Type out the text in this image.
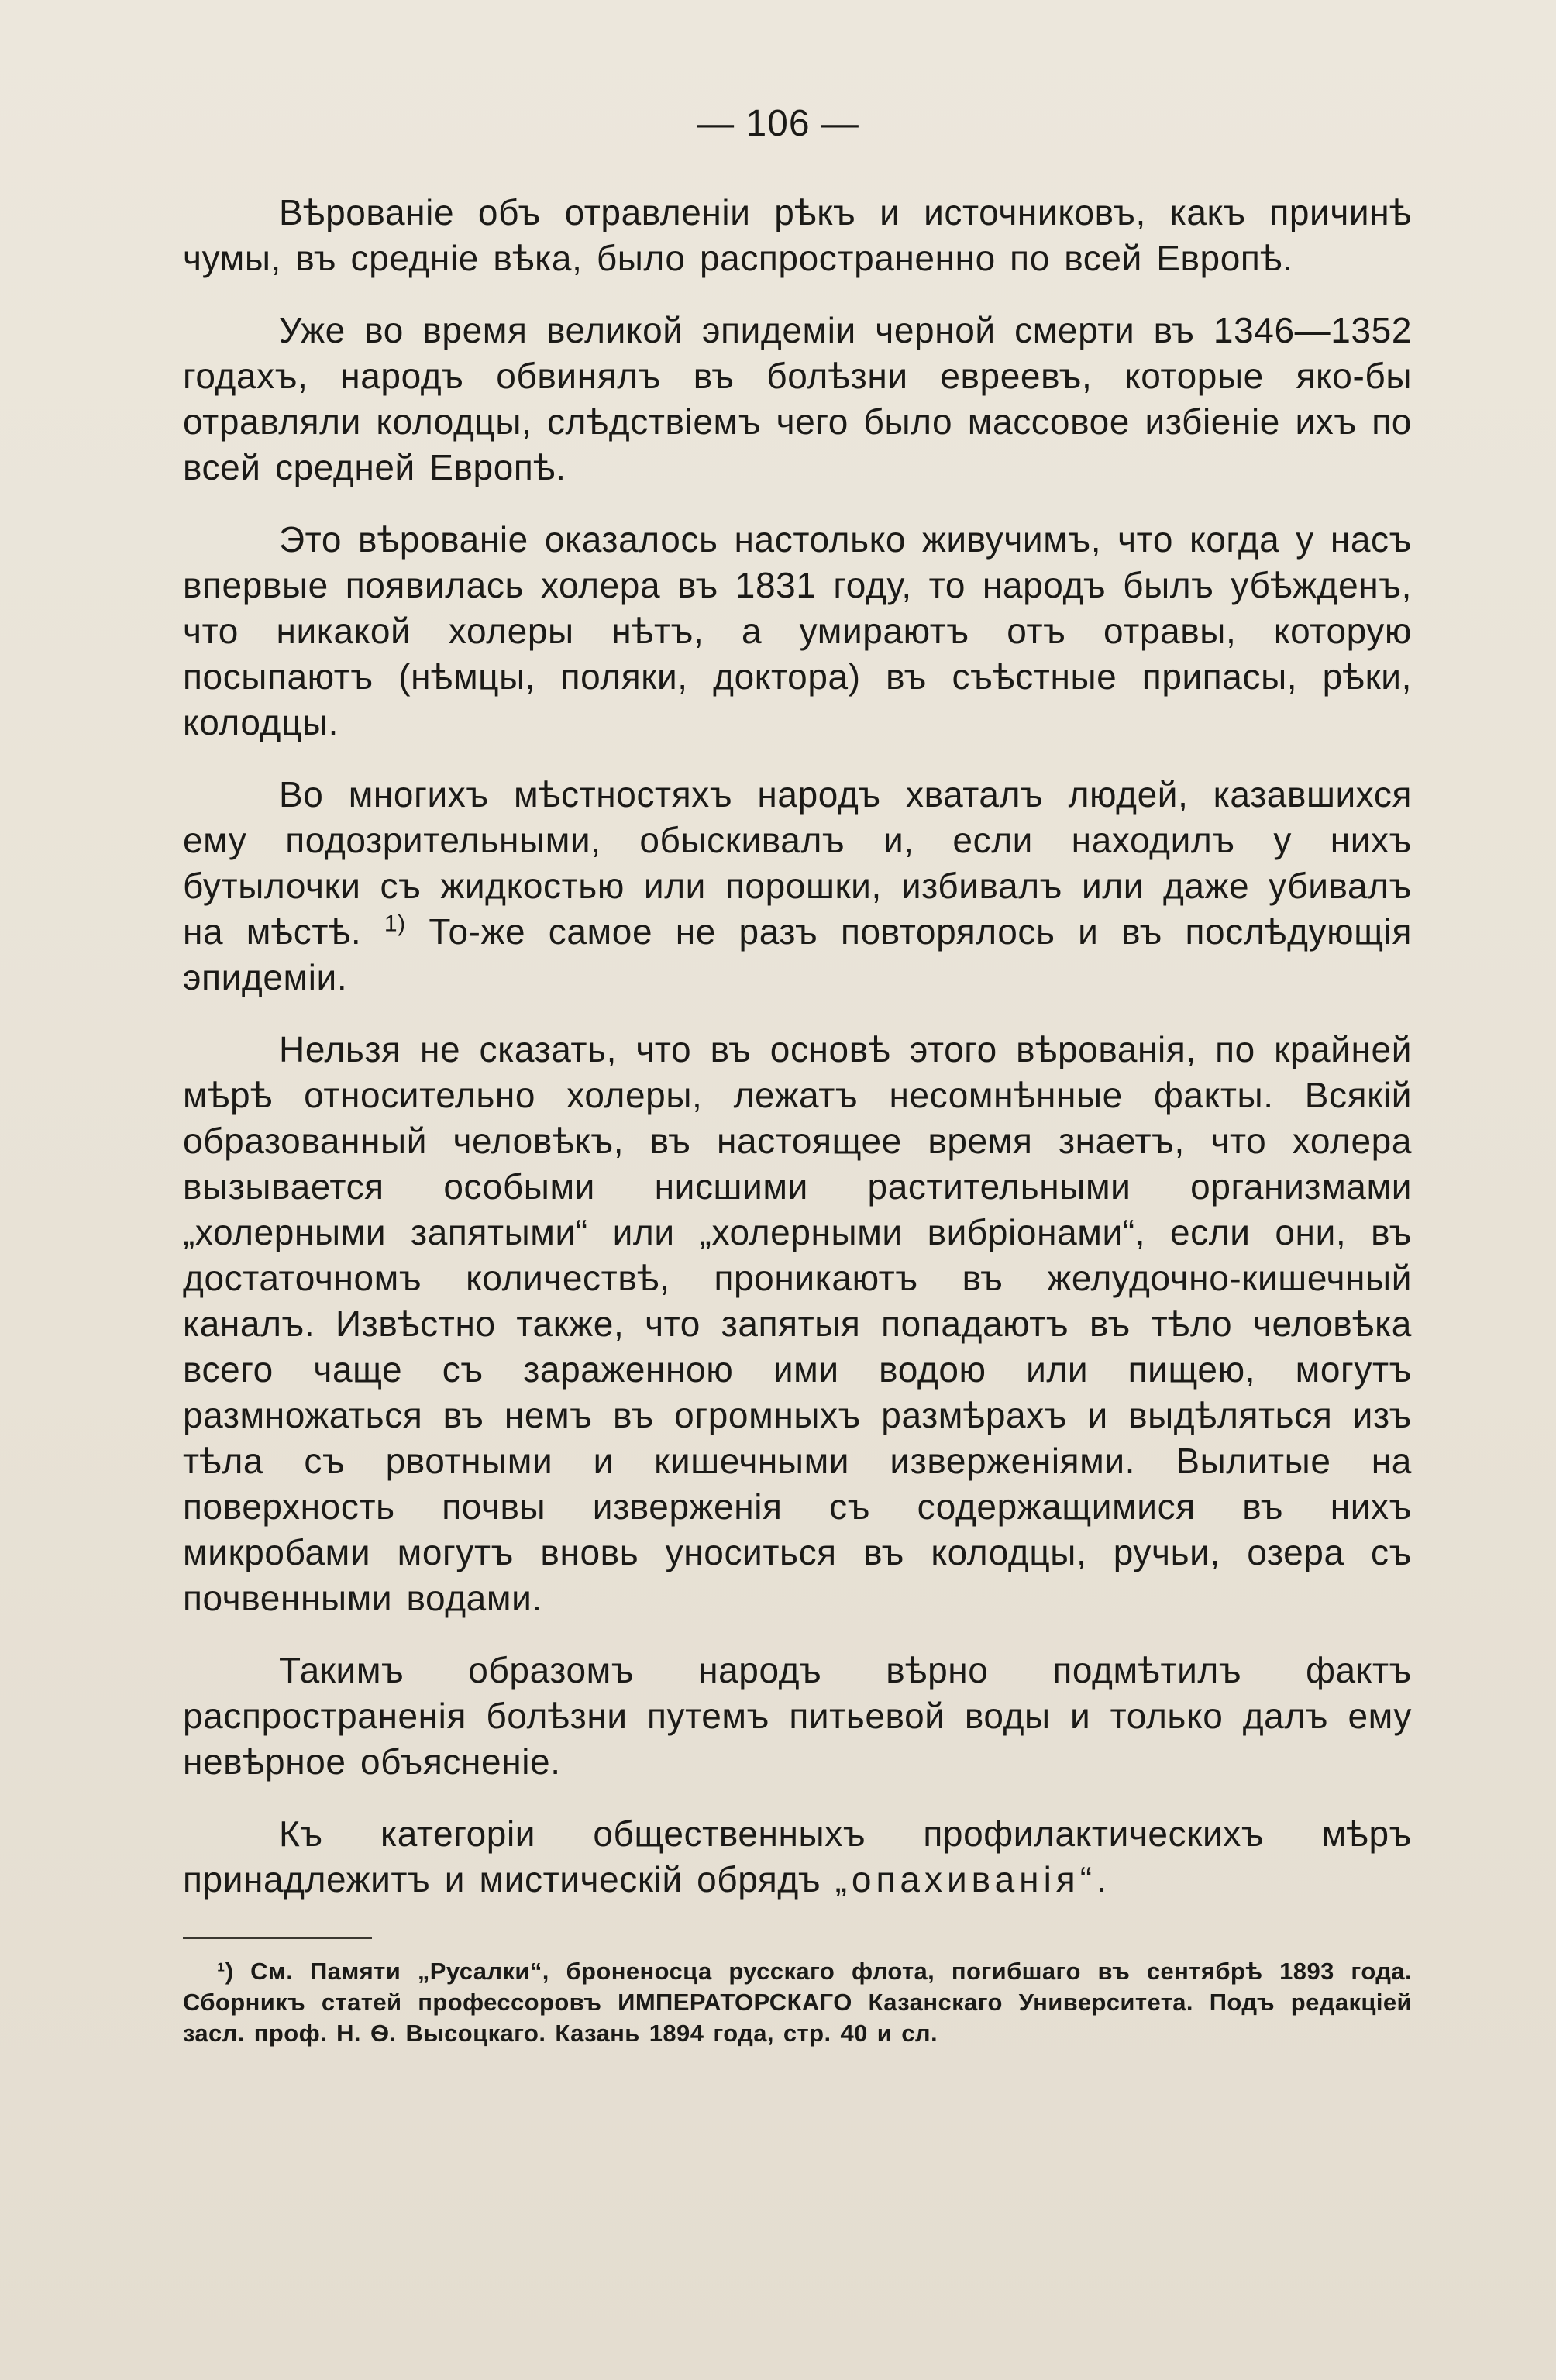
— 106 —

Вѣрованіе объ отравленіи рѣкъ и источниковъ, какъ причинѣ чумы, въ средніе вѣка, было распространенно по всей Европѣ.

Уже во время великой эпидеміи черной смерти въ 1346—1352 годахъ, народъ обвинялъ въ болѣзни евреевъ, которые яко-бы отравляли колодцы, слѣдствіемъ чего было массовое избіеніе ихъ по всей средней Европѣ.

Это вѣрованіе оказалось настолько живучимъ, что когда у насъ впервые появилась холера въ 1831 году, то народъ былъ убѣжденъ, что никакой холеры нѣтъ, а умираютъ отъ отравы, которую посыпаютъ (нѣмцы, поляки, доктора) въ съѣстные припасы, рѣки, колодцы.

Во многихъ мѣстностяхъ народъ хваталъ людей, казавшихся ему подозрительными, обыскивалъ и, если находилъ у нихъ бутылочки съ жидкостью или порошки, избивалъ или даже убивалъ на мѣстѣ. $^{1)}$ То-же самое не разъ повторялось и въ послѣдующія эпидеміи.

Нельзя не сказать, что въ основѣ этого вѣрованія, по крайней мѣрѣ относительно холеры, лежатъ несомнѣнные факты. Всякій образованный человѣкъ, въ настоящее время знаетъ, что холера вызывается особыми нисшими растительными организмами „холерными запятыми“ или „холерными вибріонами“, если они, въ достаточномъ количествѣ, проникаютъ въ желудочно-кишечный каналъ. Извѣстно также, что запятыя попадаютъ въ тѣло человѣка всего чаще съ зараженною ими водою или пищею, могутъ размножаться въ немъ въ огромныхъ размѣрахъ и выдѣляться изъ тѣла съ рвотными и кишечными изверженіями. Вылитые на поверхность почвы изверженія съ содержащимися въ нихъ микробами могутъ вновь уноситься въ колодцы, ручьи, озера съ почвенными водами.

Такимъ образомъ народъ вѣрно подмѣтилъ фактъ распространенія болѣзни путемъ питьевой воды и только далъ ему невѣрное объясненіе.

Къ категоріи общественныхъ профилактическихъ мѣръ принадлежитъ и мистическій обрядъ „опахиванія“.

¹) См. Памяти „Русалки“, броненосца русскаго флота, погибшаго въ сентябрѣ 1893 года. Сборникъ статей профессоровъ ИМПЕРАТОРСКАГО Казанскаго Университета. Подъ редакціей засл. проф. Н. Ѳ. Высоцкаго. Казань 1894 года, стр. 40 и сл.
